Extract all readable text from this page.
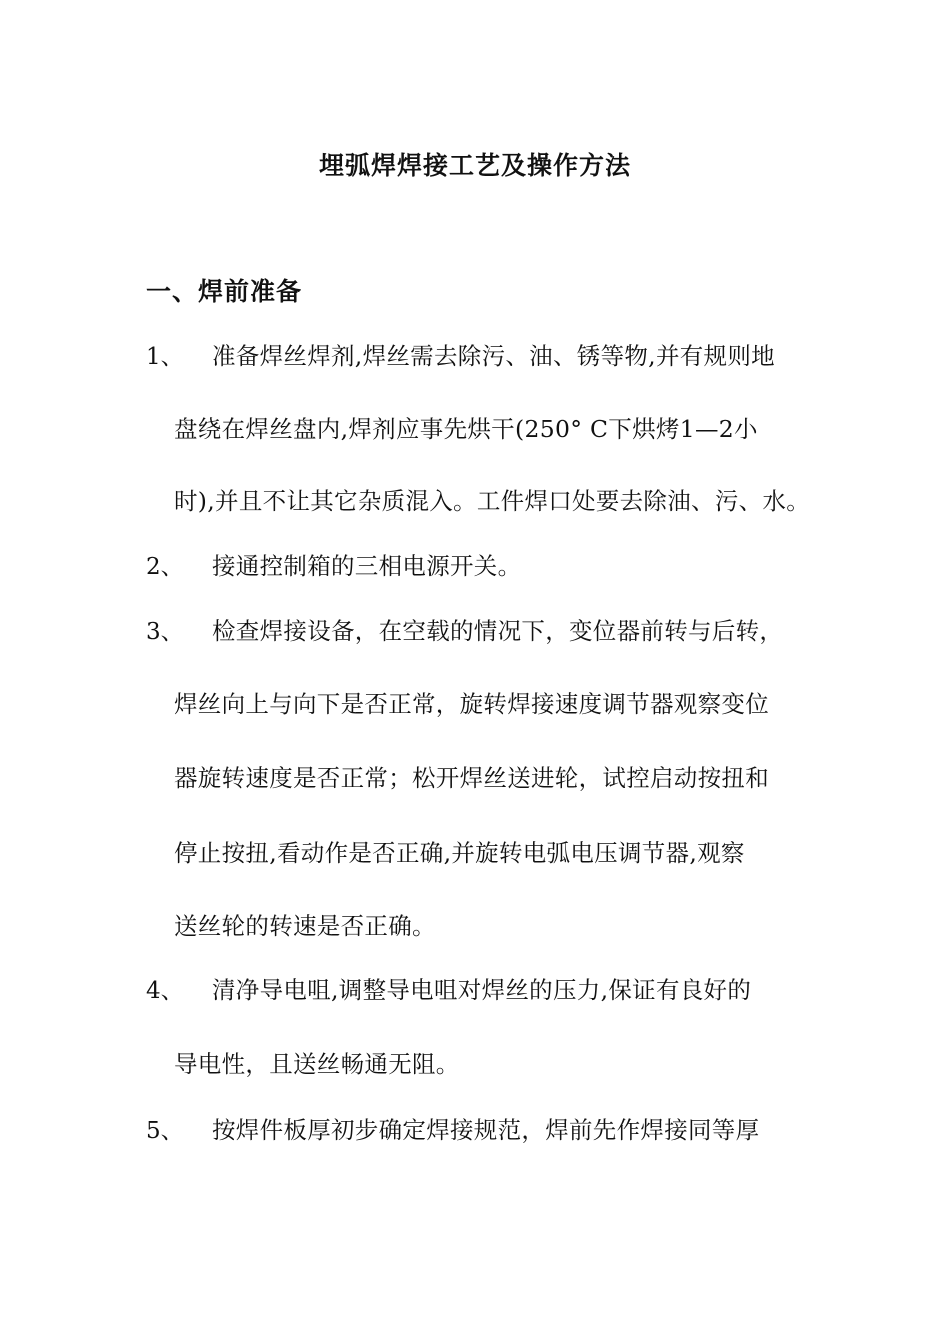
埋弧焊焊接工艺及操作方法
一、焊前准备
1、 准备焊丝焊剂,焊丝需去除污、油、锈等物,并有规则地
盘绕在焊丝盘内,焊剂应事先烘干(250° C下烘烤1—2小
时),并且不让其它杂质混入。工件焊口处要去除油、污、水。
2、 接通控制箱的三相电源开关。
3、 检查焊接设备，在空载的情况下，变位器前转与后转，
焊丝向上与向下是否正常，旋转焊接速度调节器观察变位
器旋转速度是否正常；松开焊丝送进轮，试控启动按扭和
停止按扭,看动作是否正确,并旋转电弧电压调节器,观察
送丝轮的转速是否正确。
4、 清净导电咀,调整导电咀对焊丝的压力,保证有良好的
导电性，且送丝畅通无阻。
5、 按焊件板厚初步确定焊接规范，焊前先作焊接同等厚
